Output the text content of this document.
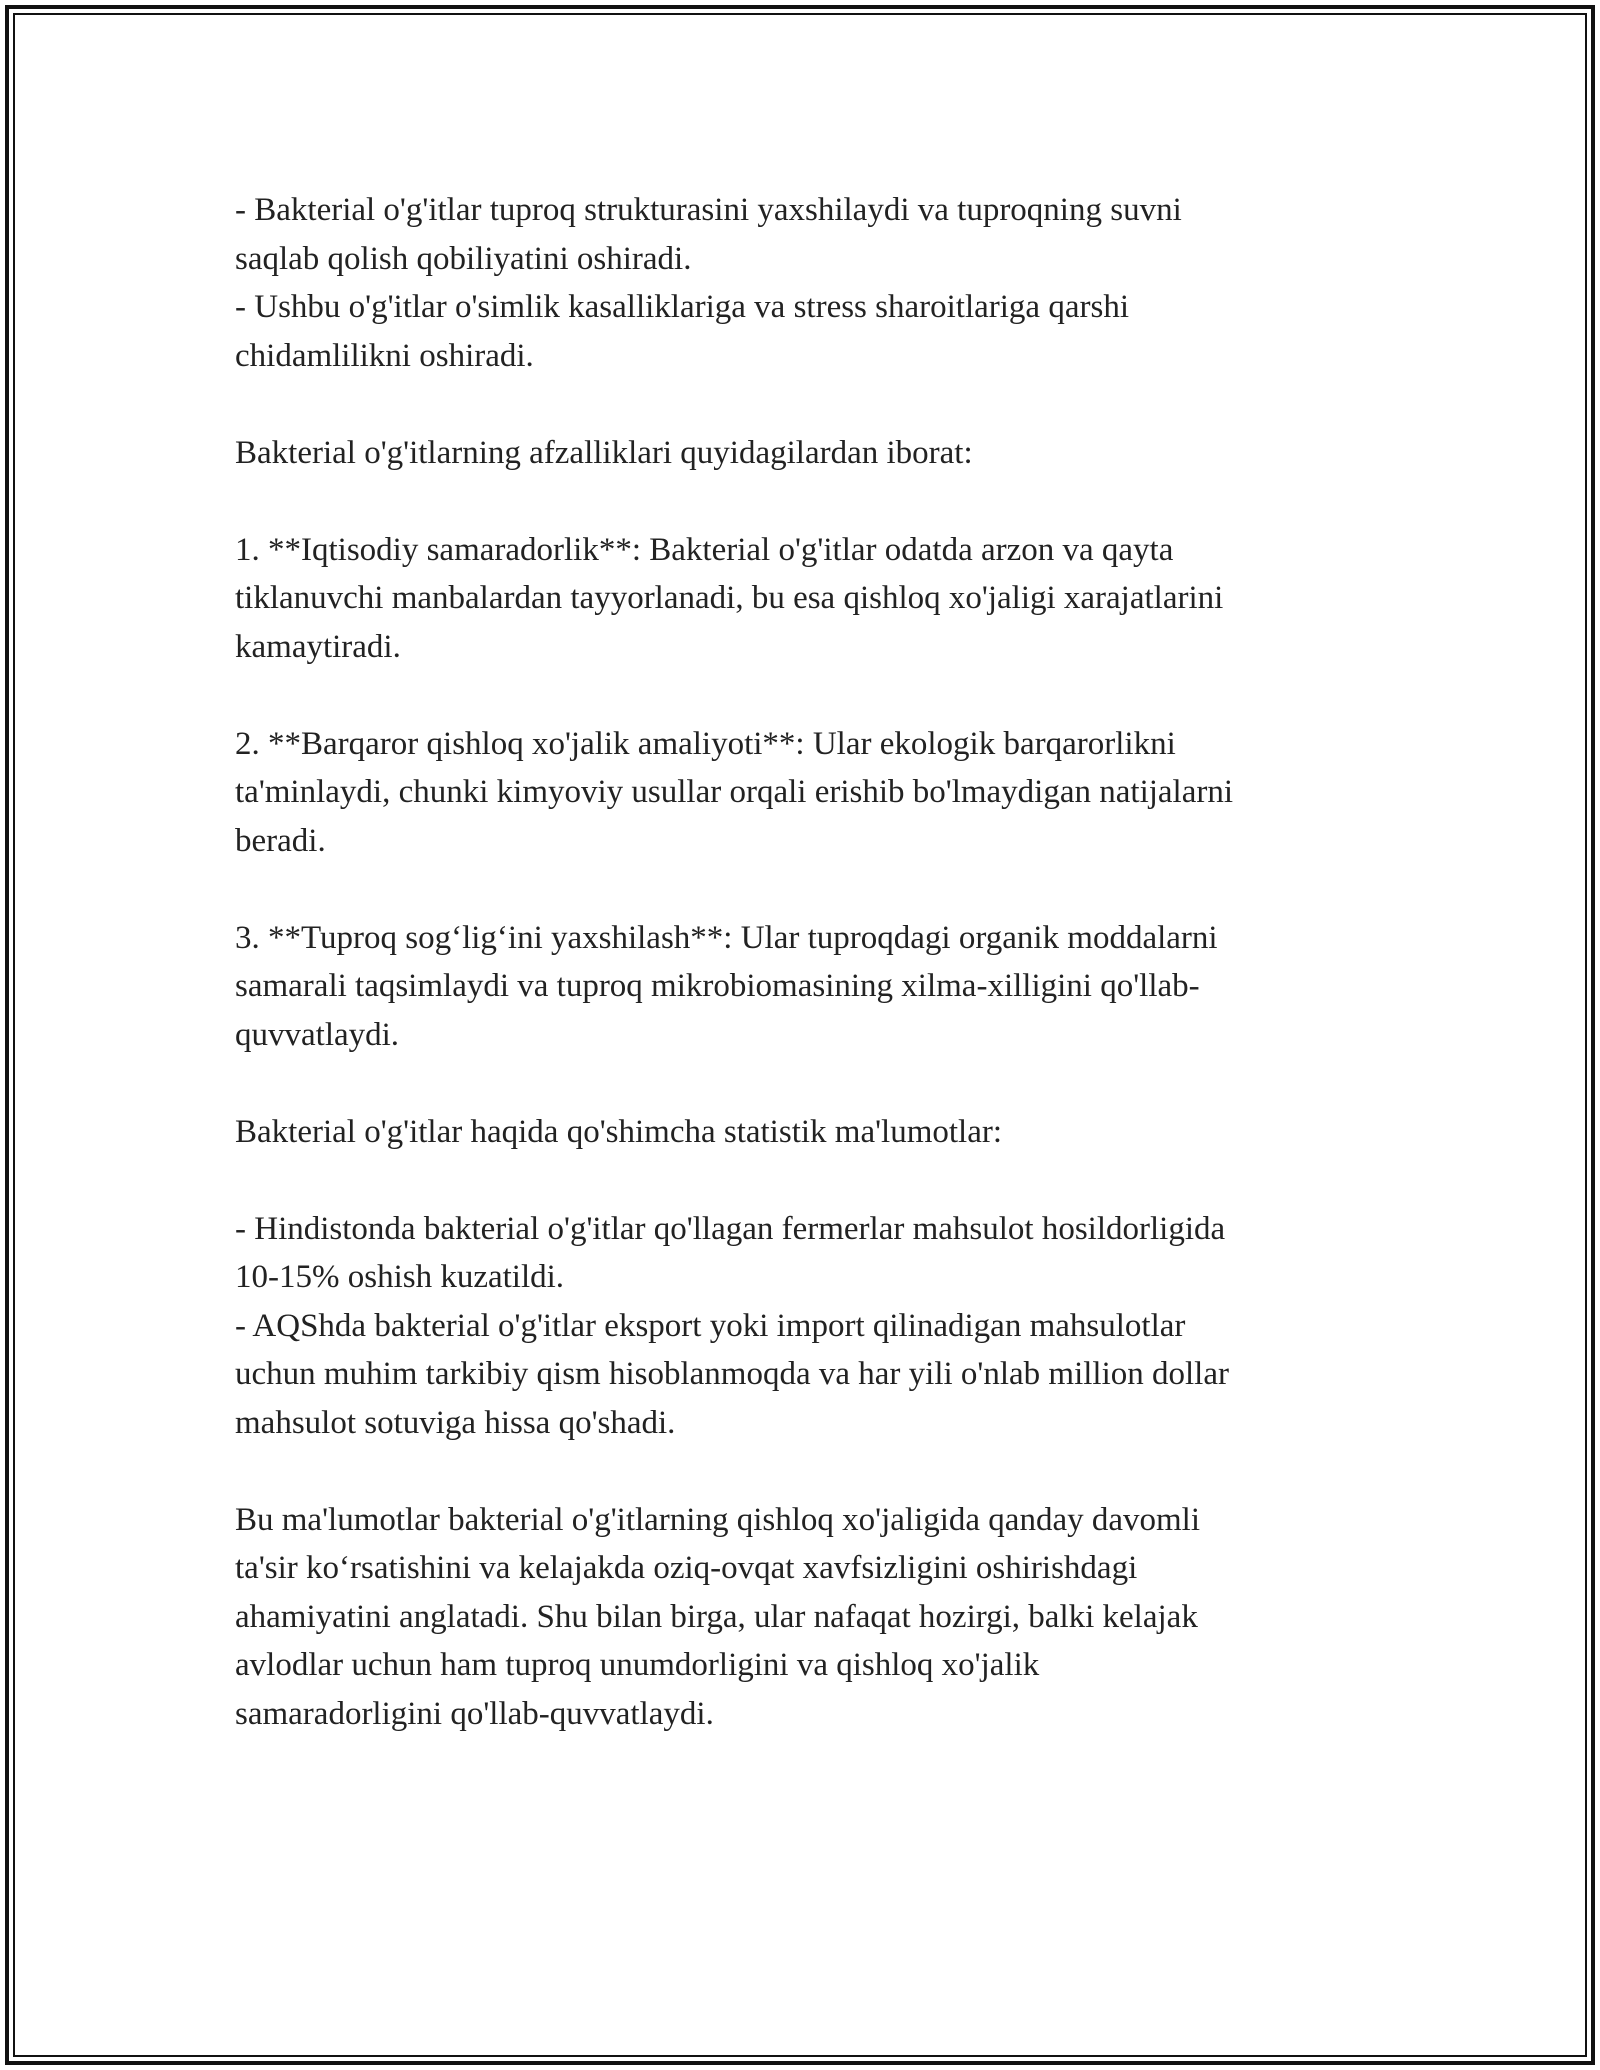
- Bakterial o'g'itlar tuproq strukturasini yaxshilaydi va tuproqning suvni
saqlab qolish qobiliyatini oshiradi.
- Ushbu o'g'itlar o'simlik kasalliklariga va stress sharoitlariga qarshi
chidamlilikni oshiradi.

Bakterial o'g'itlarning afzalliklari quyidagilardan iborat:

1. **Iqtisodiy samaradorlik**: Bakterial o'g'itlar odatda arzon va qayta
tiklanuvchi manbalardan tayyorlanadi, bu esa qishloq xo'jaligi xarajatlarini
kamaytiradi.

2. **Barqaror qishloq xo'jalik amaliyoti**: Ular ekologik barqarorlikni
ta'minlaydi, chunki kimyoviy usullar orqali erishib bo'lmaydigan natijalarni
beradi.

3. **Tuproq sog‘lig‘ini yaxshilash**: Ular tuproqdagi organik moddalarni
samarali taqsimlaydi va tuproq mikrobiomasining xilma-xilligini qo'llab-
quvvatlaydi.

Bakterial o'g'itlar haqida qo'shimcha statistik ma'lumotlar:

- Hindistonda bakterial o'g'itlar qo'llagan fermerlar mahsulot hosildorligida
10-15% oshish kuzatildi.
- AQShda bakterial o'g'itlar eksport yoki import qilinadigan mahsulotlar
uchun muhim tarkibiy qism hisoblanmoqda va har yili o'nlab million dollar
mahsulot sotuviga hissa qo'shadi.

Bu ma'lumotlar bakterial o'g'itlarning qishloq xo'jaligida qanday davomli
ta'sir ko‘rsatishini va kelajakda oziq-ovqat xavfsizligini oshirishdagi
ahamiyatini anglatadi. Shu bilan birga, ular nafaqat hozirgi, balki kelajak
avlodlar uchun ham tuproq unumdorligini va qishloq xo'jalik
samaradorligini qo'llab-quvvatlaydi.
